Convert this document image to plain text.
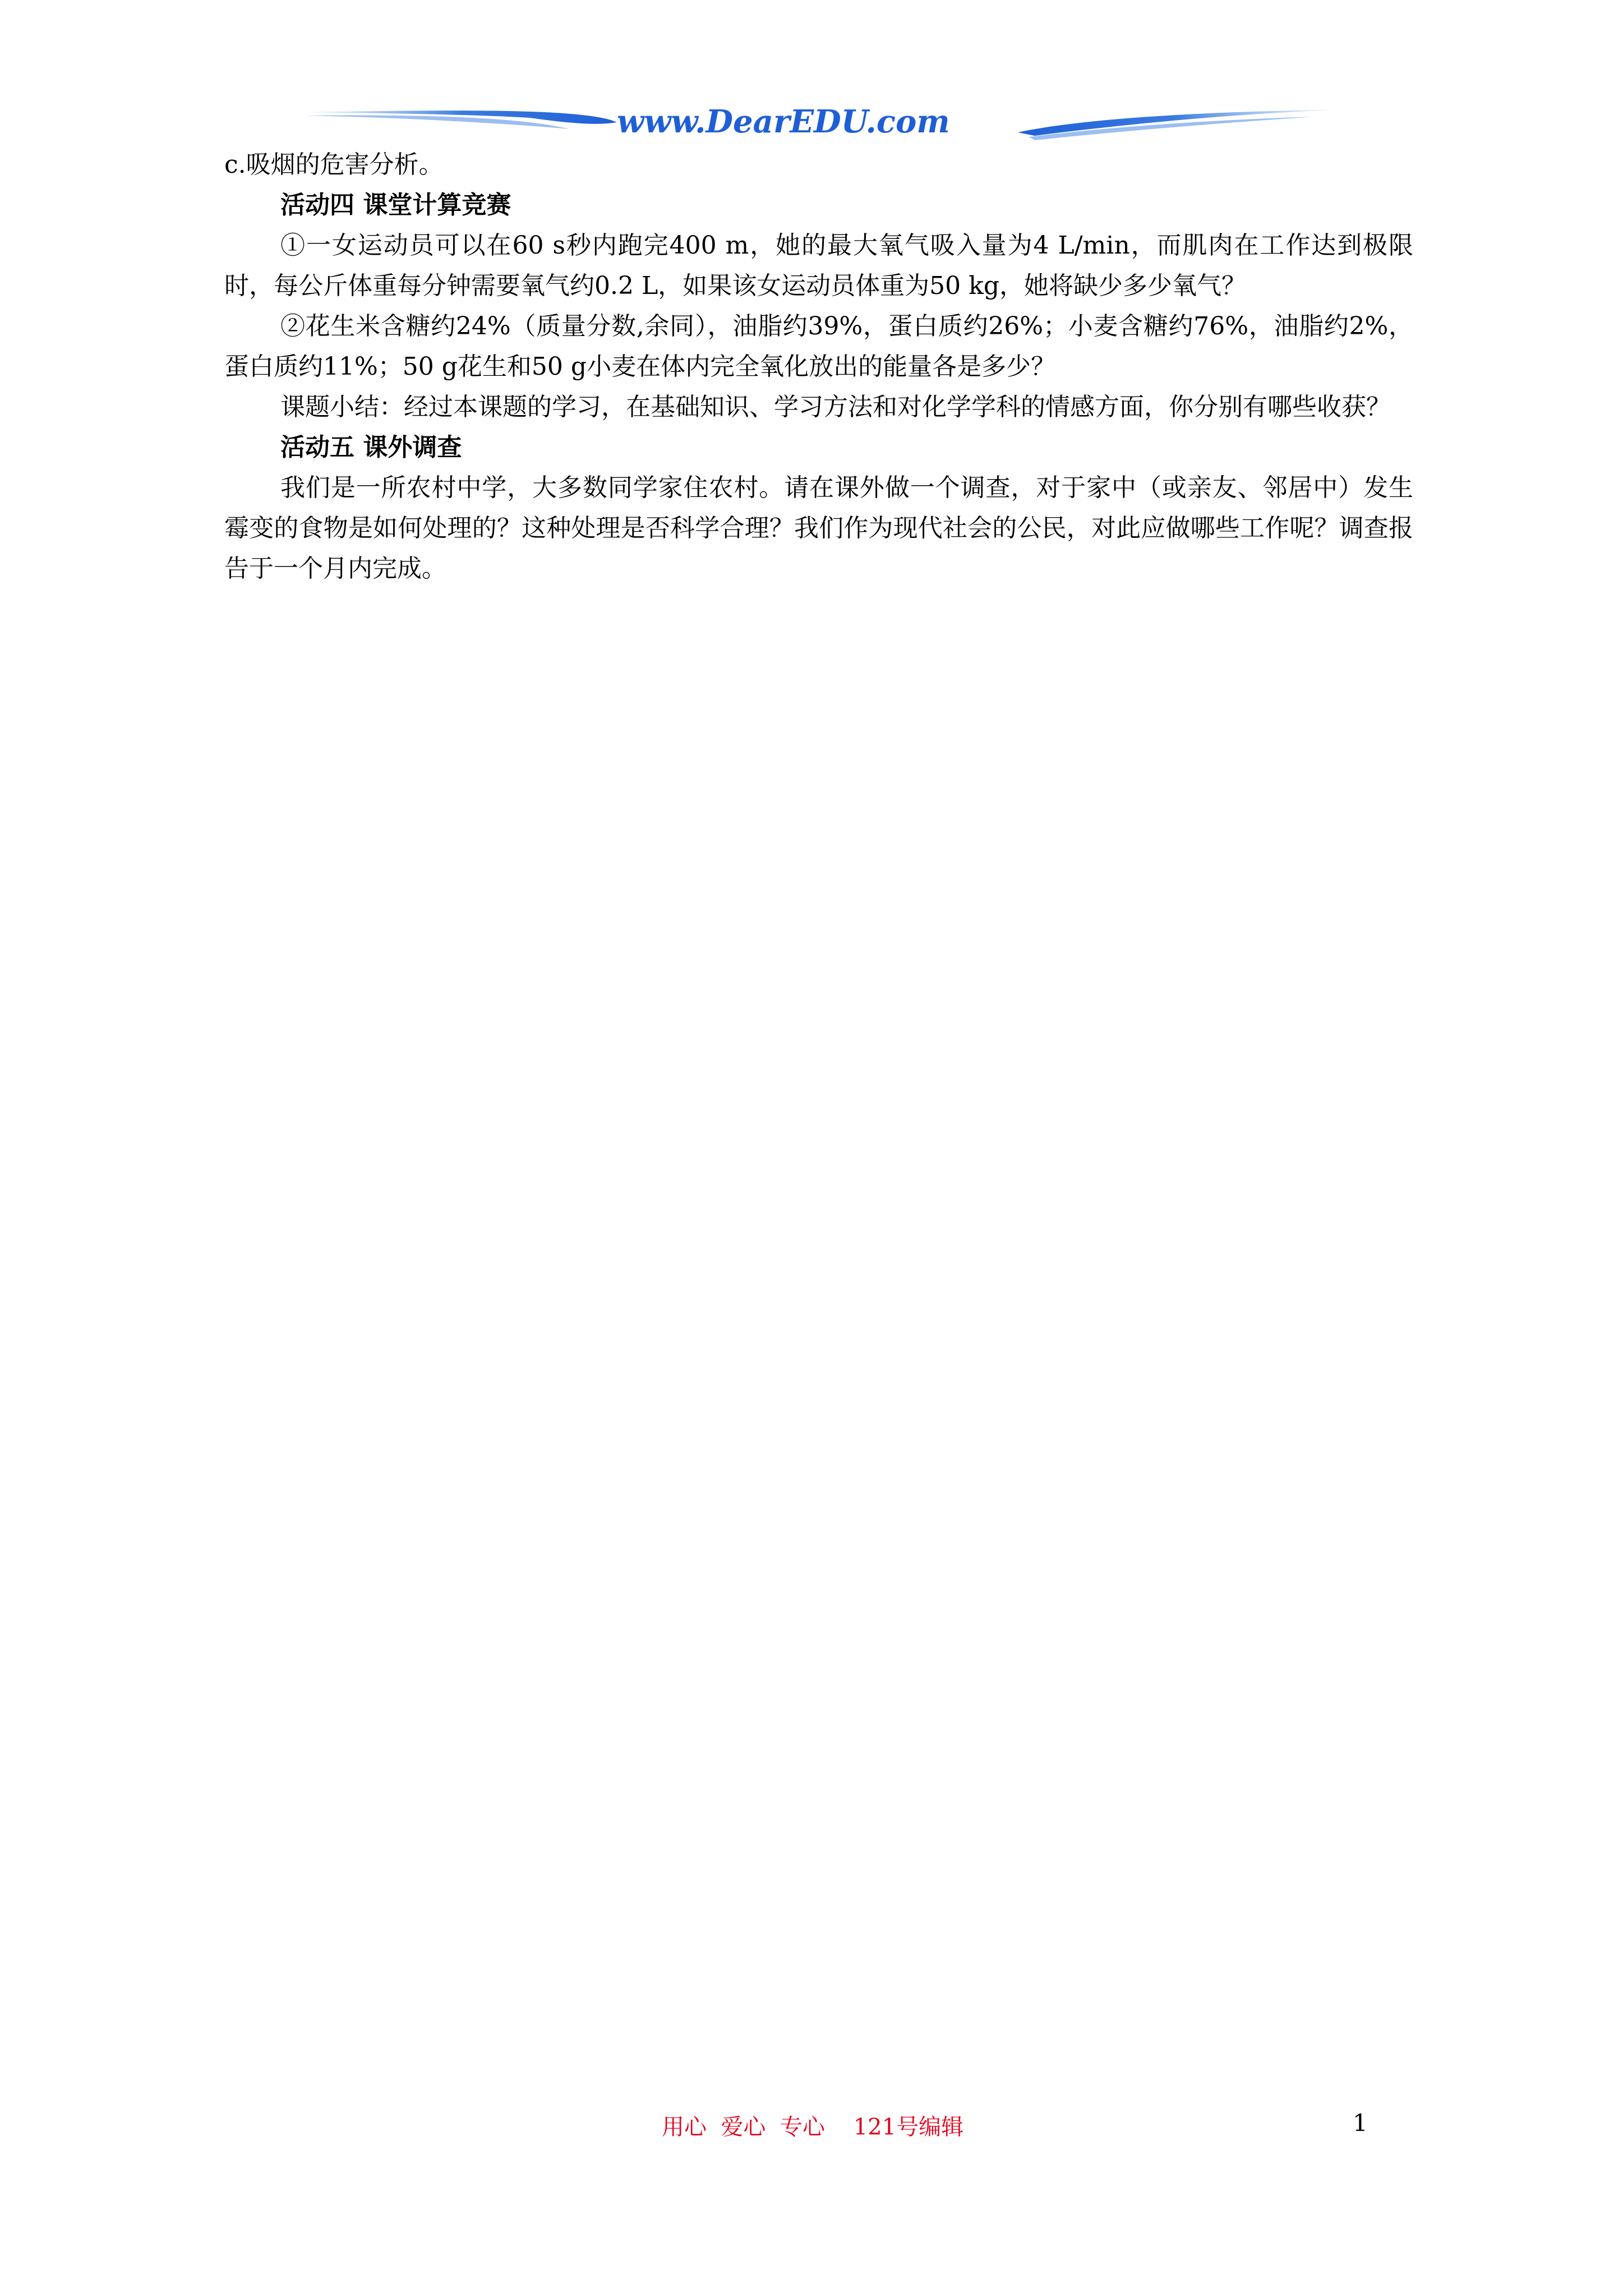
www.DearEDU.com

c.吸烟的危害分析。

活动四 课堂计算竞赛

①一女运动员可以在60 s秒内跑完400 m，她的最大氧气吸入量为4 L/min，而肌肉在工作达到极限时，每公斤体重每分钟需要氧气约0.2 L，如果该女运动员体重为50 kg，她将缺少多少氧气？

②花生米含糖约24%（质量分数,余同），油脂约39%，蛋白质约26%；小麦含糖约76%，油脂约2%，蛋白质约11%；50 g花生和50 g小麦在体内完全氧化放出的能量各是多少？

课题小结：经过本课题的学习，在基础知识、学习方法和对化学学科的情感方面，你分别有哪些收获？

活动五 课外调查

我们是一所农村中学，大多数同学家住农村。请在课外做一个调查，对于家中（或亲友、邻居中）发生霉变的食物是如何处理的？这种处理是否科学合理？我们作为现代社会的公民，对此应做哪些工作呢？调查报告于一个月内完成。

用心  爱心  专心    121号编辑	1
